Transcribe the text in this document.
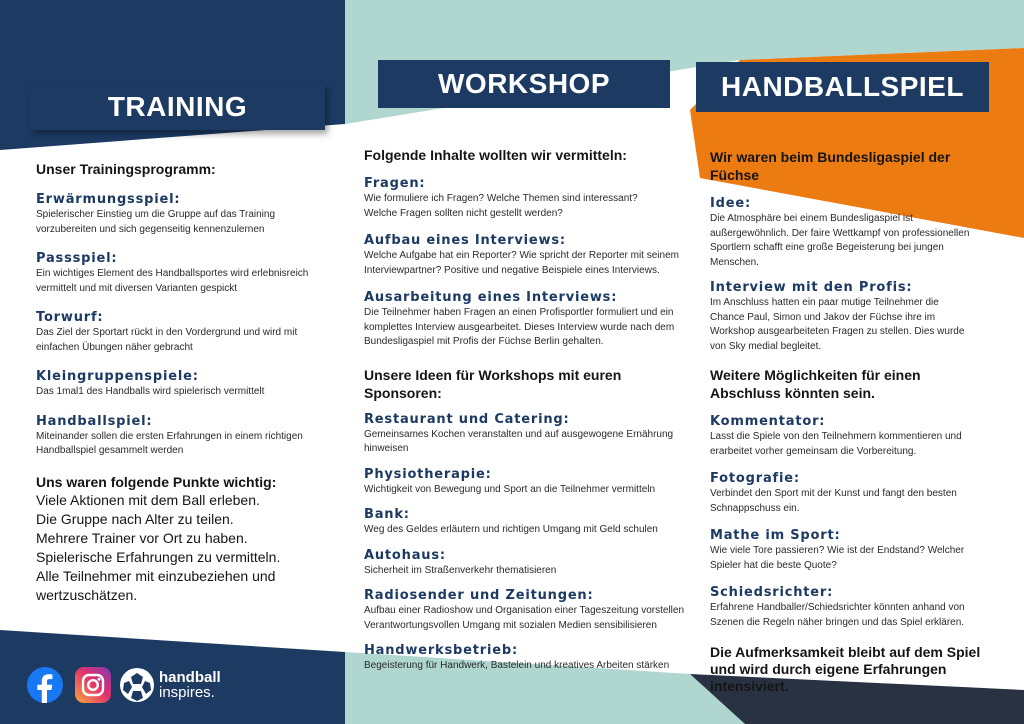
TRAINING
WORKSHOP	HANDBALLSPIEL
Unser Trainingsprogramm:
Erwärmungsspiel:
Spielerischer Einstieg um die Gruppe auf das Training
vorzubereiten und sich gegenseitig kennenzulernen
Passspiel:
Ein wichtiges Element des Handballsportes wird erlebnisreich
vermittelt und mit diversen Varianten gespickt
Torwurf:
Das Ziel der Sportart rückt in den Vordergrund und wird mit
einfachen Übungen näher gebracht
Kleingruppenspiele:
Das 1mal1 des Handballs wird spielerisch vermittelt
Handballspiel:
Miteinander sollen die ersten Erfahrungen in einem richtigen
Handballspiel gesammelt werden
Uns waren folgende Punkte wichtig:
Viele Aktionen mit dem Ball erleben.
Die Gruppe nach Alter zu teilen.
Mehrere Trainer vor Ort zu haben.
Spielerische Erfahrungen zu vermitteln.
Alle Teilnehmer mit einzubeziehen und
wertzuschätzen.
Folgende Inhalte wollten wir vermitteln:
Fragen:
Wie formuliere ich Fragen? Welche Themen sind interessant?
Welche Fragen sollten nicht gestellt werden?
Aufbau eines Interviews:
Welche Aufgabe hat ein Reporter? Wie spricht der Reporter mit seinem
Interviewpartner? Positive und negative Beispiele eines Interviews.
Ausarbeitung eines Interviews:
Die Teilnehmer haben Fragen an einen Profisportler formuliert und ein
komplettes Interview ausgearbeitet. Dieses Interview wurde nach dem
Bundesligaspiel mit Profis der Füchse Berlin gehalten.
Unsere Ideen für Workshops mit euren Sponsoren:
Restaurant und Catering:
Gemeinsames Kochen veranstalten und auf ausgewogene Ernährung
hinweisen
Physiotherapie:
Wichtigkeit von Bewegung und Sport an die Teilnehmer vermitteln
Bank:
Weg des Geldes erläutern und richtigen Umgang mit Geld schulen
Autohaus:
Sicherheit im Straßenverkehr thematisieren
Radiosender und Zeitungen:
Aufbau einer Radioshow und Organisation einer Tageszeitung vorstellen
Verantwortungsvollen Umgang mit sozialen Medien sensibilisieren
Handwerksbetrieb:
Begeisterung für Handwerk, Bastelein und kreatives Arbeiten stärken
Wir waren beim Bundesligaspiel der
Füchse
Idee:
Die Atmosphäre bei einem Bundesligaspiel ist
außergewöhnlich. Der faire Wettkampf von professionellen
Sportlern schafft eine große Begeisterung bei jungen
Menschen.
Interview mit den Profis:
Im Anschluss hatten ein paar mutige Teilnehmer die
Chance Paul, Simon und Jakov der Füchse ihre im
Workshop ausgearbeiteten Fragen zu stellen. Dies wurde
von Sky medial begleitet.
Weitere Möglichkeiten für einen
Abschluss könnten sein.
Kommentator:
Lasst die Spiele von den Teilnehmern kommentieren und
erarbeitet vorher gemeinsam die Vorbereitung.
Fotografie:
Verbindet den Sport mit der Kunst und fangt den besten
Schnappschuss ein.
Mathe im Sport:
Wie viele Tore passieren? Wie ist der Endstand? Welcher
Spieler hat die beste Quote?
Schiedsrichter:
Erfahrene Handballer/Schiedsrichter könnten anhand von
Szenen die Regeln näher bringen und das Spiel erklären.
Die Aufmerksamkeit bleibt auf dem Spiel
und wird durch eigene Erfahrungen
intensiviert.
handball
inspires.
